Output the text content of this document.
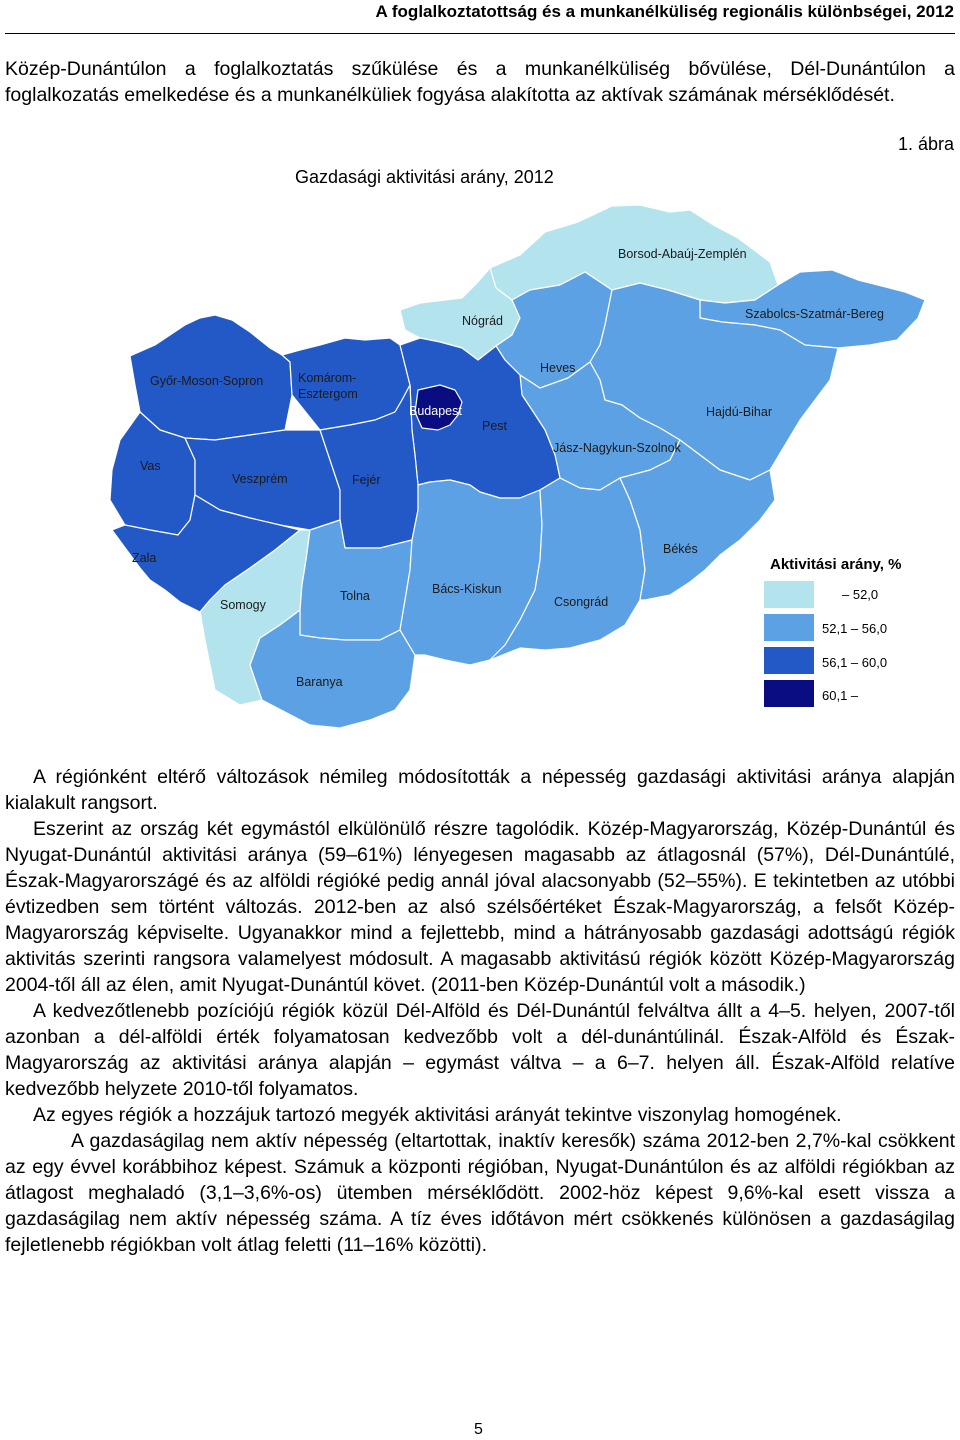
A foglalkoztatottság és a munkanélküliség regionális különbségei, 2012

Közép-Dunántúlon a foglalkoztatás szűkülése és a munkanélküliség bővülése, Dél-Dunántúlon a foglalkozatás emelkedése és a munkanélküliek fogyása alakította az aktívak számának mérséklődését.

1. ábra
Gazdasági aktivitási arány, 2012
Borsod-Abaúj-Zemplén
Szabolcs-Szatmár-Bereg
Nógrád
Heves
Győr-Moson-Sopron	Komárom-
Esztergom
Budapest
Pest
Hajdú-Bihar
Jász-Nagykun-Szolnok
Vas
Veszprém	Fejér
Zala
Somogy
Tolna	Bács-Kiskun
Csongrád
Békés
Baranya
Aktivitási arány, %
– 52,0
52,1 – 56,0
56,1 – 60,0
60,1 –

A régiónként eltérő változások némileg módosították a népesség gazdasági aktivitási aránya alapján kialakult rangsort.

Eszerint az ország két egymástól elkülönülő részre tagolódik. Közép-Magyarország, Közép-Dunántúl és Nyugat-Dunántúl aktivitási aránya (59–61%) lényegesen magasabb az átlagosnál (57%), Dél-Dunántúlé, Észak-Magyarországé és az alföldi régióké pedig annál jóval alacsonyabb (52–55%). E tekintetben az utóbbi évtizedben sem történt változás. 2012-ben az alsó szélsőértéket Észak-Magyarország, a felsőt Közép-Magyarország képviselte. Ugyanakkor mind a fejlettebb, mind a hátrányosabb gazdasági adottságú régiók aktivitás szerinti rangsora valamelyest módosult. A magasabb aktivitású régiók között Közép-Magyarország 2004-től áll az élen, amit Nyugat-Dunántúl követ. (2011-ben Közép-Dunántúl volt a második.)

A kedvezőtlenebb pozíciójú régiók közül Dél-Alföld és Dél-Dunántúl felváltva állt a 4–5. helyen, 2007-től azonban a dél-alföldi érték folyamatosan kedvezőbb volt a dél-dunántúlinál. Észak-Alföld és Észak-Magyarország az aktivitási aránya alapján – egymást váltva – a 6–7. helyen áll. Észak-Alföld relatíve kedvezőbb helyzete 2010-től folyamatos.

Az egyes régiók a hozzájuk tartozó megyék aktivitási arányát tekintve viszonylag homogének.

A gazdaságilag nem aktív népesség (eltartottak, inaktív keresők) száma 2012-ben 2,7%-kal csökkent az egy évvel korábbihoz képest. Számuk a központi régióban, Nyugat-Dunántúlon és az alföldi régiókban az átlagost meghaladó (3,1–3,6%-os) ütemben mérséklődött. 2002-höz képest 9,6%-kal esett vissza a gazdaságilag nem aktív népesség száma. A tíz éves időtávon mért csökkenés különösen a gazdaságilag fejletlenebb régiókban volt átlag feletti (11–16% közötti).

5
